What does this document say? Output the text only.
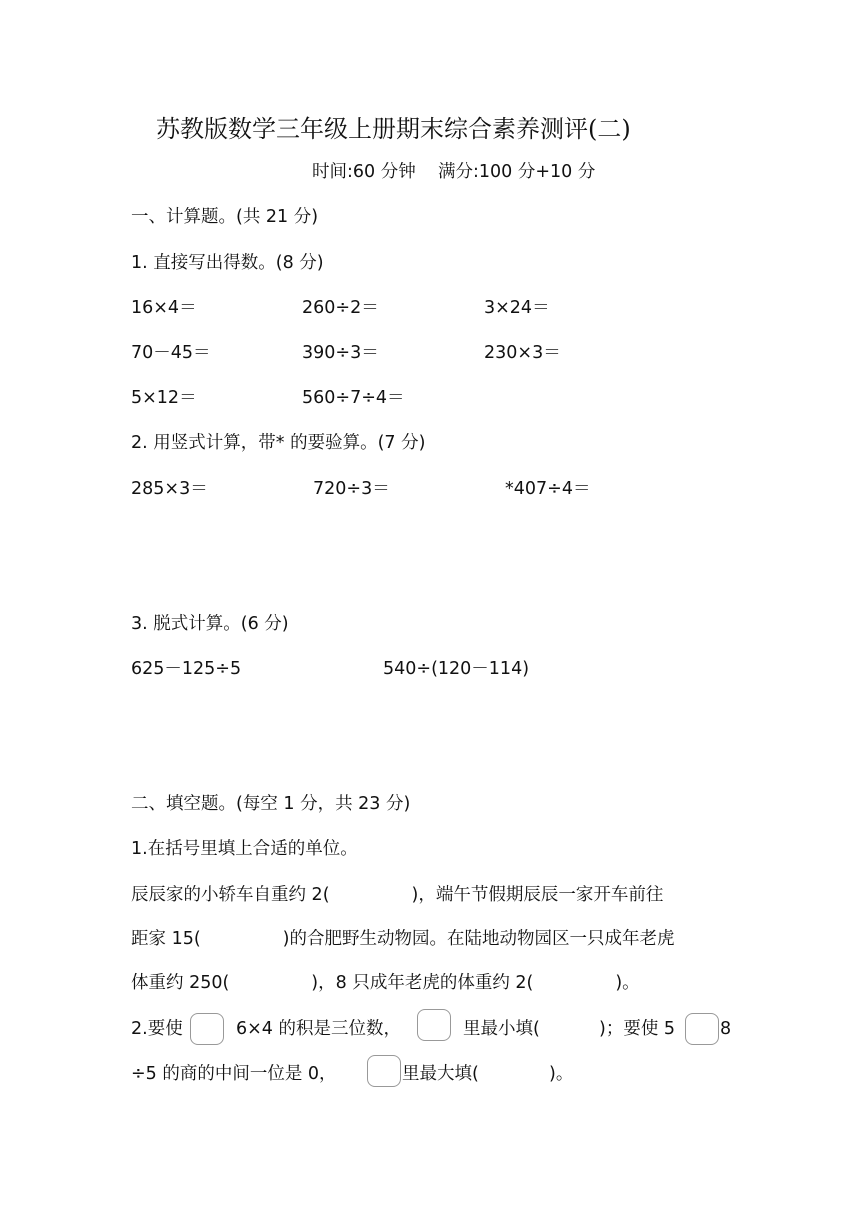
苏教版数学三年级上册期末综合素养测评(二)
时间:60 分钟    满分:100 分+10 分
一、计算题。(共 21 分)
1. 直接写出得数。(8 分)
16×4＝	260÷2＝	3×24＝
70－45＝	390÷3＝	230×3＝
5×12＝	560÷7÷4＝
2. 用竖式计算，带* 的要验算。(7 分)
285×3＝	720÷3＝	*407÷4＝
3. 脱式计算。(6 分)
625－125÷5	540÷(120－114)
二、填空题。(每空 1 分，共 23 分)
1.在括号里填上合适的单位。
辰辰家的小轿车自重约 2(	)，端午节假期辰辰一家开车前往
距家 15(	)的合肥野生动物园。在陆地动物园区一只成年老虎
体重约 250(	)，8 只成年老虎的体重约 2(	)。
2.要使	6×4 的积是三位数，	里最小填(	)；要使 5	8
÷5 的商的中间一位是 0，	里最大填(	)。
